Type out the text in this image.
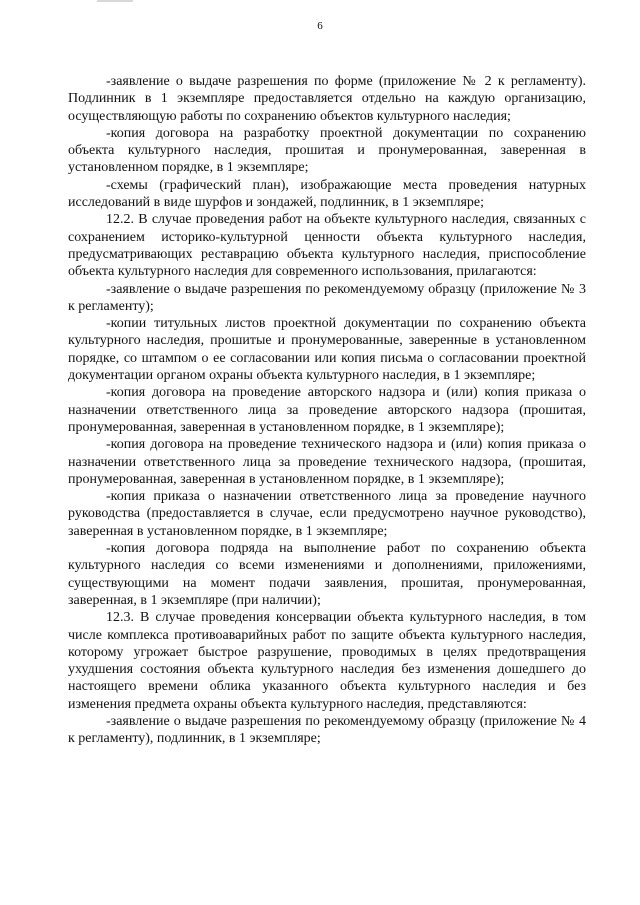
6

-заявление о выдаче разрешения по форме (приложение № 2 к регламенту). Подлинник в 1 экземпляре предоставляется отдельно на каждую организацию, осуществляющую работы по сохранению объектов культурного наследия;

-копия договора на разработку проектной документации по сохранению объекта культурного наследия, прошитая и пронумерованная, заверенная в установленном порядке, в 1 экземпляре;

-схемы (графический план), изображающие места проведения натурных исследований в виде шурфов и зондажей, подлинник, в 1 экземпляре;

12.2. В случае проведения работ на объекте культурного наследия, связанных с сохранением историко-культурной ценности объекта культурного наследия, предусматривающих реставрацию объекта культурного наследия, приспособление объекта культурного наследия для современного использования, прилагаются:

-заявление о выдаче разрешения по рекомендуемому образцу (приложение № 3 к регламенту);

-копии титульных листов проектной документации по сохранению объекта культурного наследия, прошитые и пронумерованные, заверенные в установленном порядке, со штампом о ее согласовании или копия письма о согласовании проектной документации органом охраны объекта культурного наследия, в 1 экземпляре;

-копия договора на проведение авторского надзора и (или) копия приказа о назначении ответственного лица за проведение авторского надзора (прошитая, пронумерованная, заверенная в установленном порядке, в 1 экземпляре);

-копия договора на проведение технического надзора и (или) копия приказа о назначении ответственного лица за проведение технического надзора, (прошитая, пронумерованная, заверенная в установленном порядке, в 1 экземпляре);

-копия приказа о назначении ответственного лица за проведение научного руководства (предоставляется в случае, если предусмотрено научное руководство), заверенная в установленном порядке, в 1 экземпляре;

-копия договора подряда на выполнение работ по сохранению объекта культурного наследия со всеми изменениями и дополнениями, приложениями, существующими на момент подачи заявления, прошитая, пронумерованная, заверенная, в 1 экземпляре (при наличии);

12.3. В случае проведения консервации объекта культурного наследия, в том числе комплекса противоаварийных работ по защите объекта культурного наследия, которому угрожает быстрое разрушение, проводимых в целях предотвращения ухудшения состояния объекта культурного наследия без изменения дошедшего до настоящего времени облика указанного объекта культурного наследия и без изменения предмета охраны объекта культурного наследия, представляются:

-заявление о выдаче разрешения по рекомендуемому образцу (приложение № 4 к регламенту), подлинник, в 1 экземпляре;
